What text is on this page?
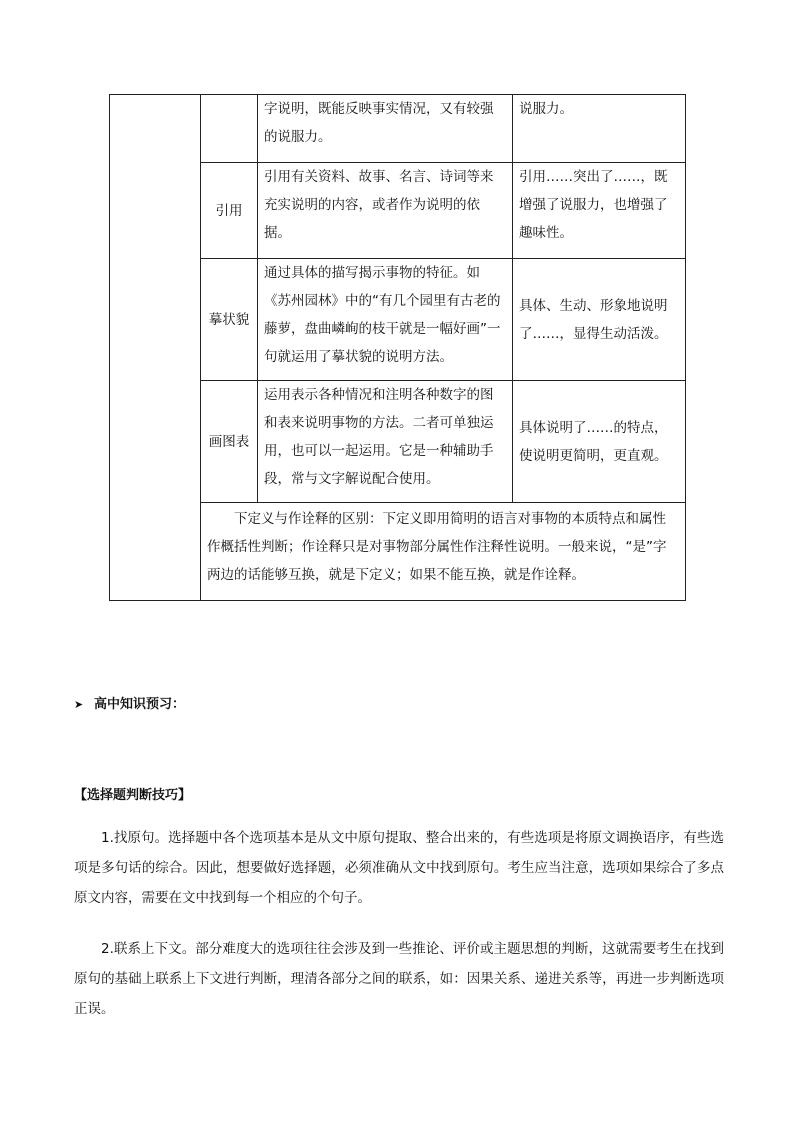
		字说明，既能反映事实情况，又有较强的说服力。	说服力。
	引用	引用有关资料、故事、名言、诗词等来充实说明的内容，或者作为说明的依据。	引用……突出了……，既增强了说服力，也增强了趣味性。
	摹状貌	通过具体的描写揭示事物的特征。如《苏州园林》中的“有几个园里有古老的藤萝，盘曲嶙峋的枝干就是一幅好画”一句就运用了摹状貌的说明方法。	具体、生动、形象地说明了……，显得生动活泼。
	画图表	运用表示各种情况和注明各种数字的图和表来说明事物的方法。二者可单独运用，也可以一起运用。它是一种辅助手段，常与文字解说配合使用。	具体说明了……的特点，使说明更简明，更直观。
	下定义与作诠释的区别：下定义即用简明的语言对事物的本质特点和属性作概括性判断；作诠释只是对事物部分属性作注释性说明。一般来说，“是”字两边的话能够互换，就是下定义；如果不能互换，就是作诠释。		
➤ 高中知识预习：
【选择题判断技巧】
1.找原句。选择题中各个选项基本是从文中原句提取、整合出来的，有些选项是将原文调换语序，有些选项是多句话的综合。因此，想要做好选择题，必须准确从文中找到原句。考生应当注意，选项如果综合了多点原文内容，需要在文中找到每一个相应的个句子。
2.联系上下文。部分难度大的选项往往会涉及到一些推论、评价或主题思想的判断，这就需要考生在找到原句的基础上联系上下文进行判断，理清各部分之间的联系，如：因果关系、递进关系等，再进一步判断选项正误。
